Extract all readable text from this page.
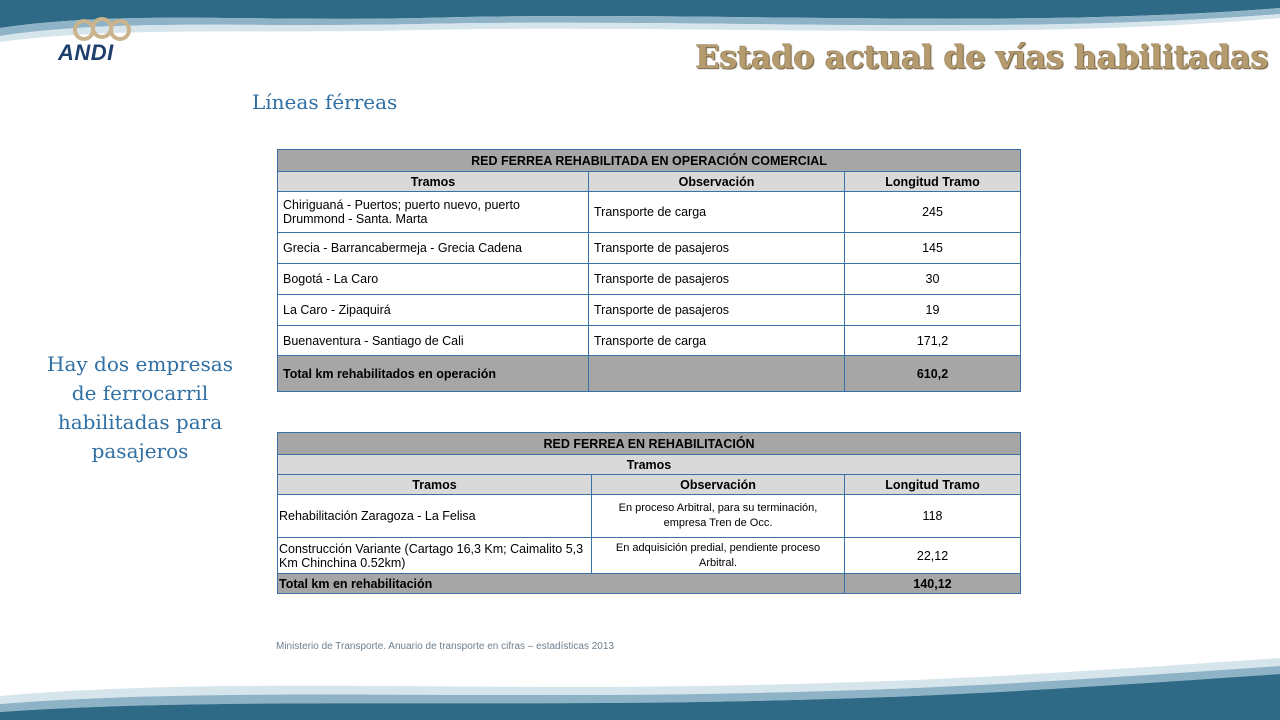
ANDI	Estado actual de vías habilitadas
Líneas férreas
Hay dos empresas de ferrocarril habilitadas para pasajeros
RED FERREA REHABILITADA EN OPERACIÓN COMERCIAL		
Tramos	Observación	Longitud Tramo
Chiriguaná - Puertos; puerto nuevo, puerto Drummond - Santa. Marta	Transporte de carga	245
Grecia - Barrancabermeja - Grecia Cadena	Transporte de pasajeros	145
Bogotá - La Caro	Transporte de pasajeros	30
La Caro - Zipaquirá	Transporte de pasajeros	19
Buenaventura - Santiago de Cali	Transporte de carga	171,2
Total km rehabilitados en operación		610,2
RED FERREA EN REHABILITACIÓN		
Tramos		
Tramos	Observación	Longitud Tramo
Rehabilitación Zaragoza - La Felisa	En proceso Arbitral, para su terminación, empresa Tren de Occ.	118
Construcción Variante (Cartago 16,3 Km; Caimalito 5,3 Km Chinchina 0.52km)	En adquisición predial, pendiente proceso Arbitral.	22,12
Total km en rehabilitación		140,12
Ministerio de Transporte. Anuario de transporte en cifras – estadísticas 2013
